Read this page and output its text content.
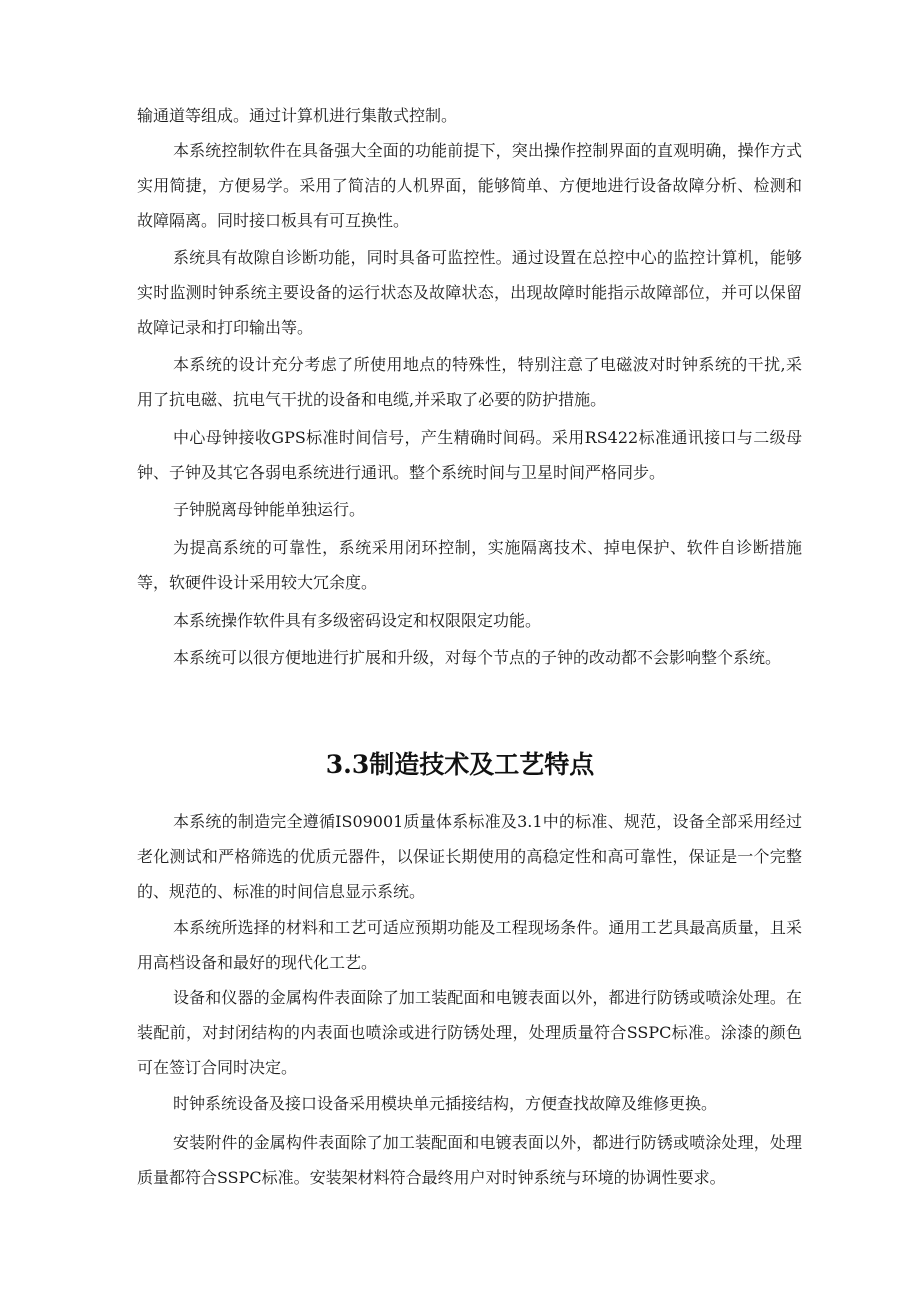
输通道等组成。通过计算机进行集散式控制。

本系统控制软件在具备强大全面的功能前提下，突出操作控制界面的直观明确，操作方式实用简捷，方便易学。采用了简洁的人机界面，能够简单、方便地进行设备故障分析、检测和故障隔离。同时接口板具有可互换性。

系统具有故隙自诊断功能，同时具备可监控性。通过设置在总控中心的监控计算机，能够实时监测时钟系统主要设备的运行状态及故障状态，出现故障时能指示故障部位，并可以保留故障记录和打印输出等。

本系统的设计充分考虑了所使用地点的特殊性，特别注意了电磁波对时钟系统的干扰,采用了抗电磁、抗电气干扰的设备和电缆,并采取了必要的防护措施。

中心母钟接收GPS标准时间信号，产生精确时间码。采用RS422标准通讯接口与二级母钟、子钟及其它各弱电系统进行通讯。整个系统时间与卫星时间严格同步。

子钟脱离母钟能单独运行。

为提高系统的可靠性，系统采用闭环控制，实施隔离技术、掉电保护、软件自诊断措施等，软硬件设计采用较大冗余度。

本系统操作软件具有多级密码设定和权限限定功能。

本系统可以很方便地进行扩展和升级，对每个节点的子钟的改动都不会影响整个系统。

3.3制造技术及工艺特点

本系统的制造完全遵循IS09001质量体系标准及3.1中的标准、规范，设备全部采用经过老化测试和严格筛选的优质元器件，以保证长期使用的高稳定性和高可靠性，保证是一个完整的、规范的、标准的时间信息显示系统。

本系统所选择的材料和工艺可适应预期功能及工程现场条件。通用工艺具最高质量，且采用高档设备和最好的现代化工艺。

设备和仪器的金属构件表面除了加工装配面和电镀表面以外，都进行防锈或喷涂处理。在装配前，对封闭结构的内表面也喷涂或进行防锈处理，处理质量符合SSPC标准。涂漆的颜色可在签订合同时决定。

时钟系统设备及接口设备采用模块单元插接结构，方便查找故障及维修更换。

安装附件的金属构件表面除了加工装配面和电镀表面以外，都进行防锈或喷涂处理，处理质量都符合SSPC标准。安装架材料符合最终用户对时钟系统与环境的协调性要求。
